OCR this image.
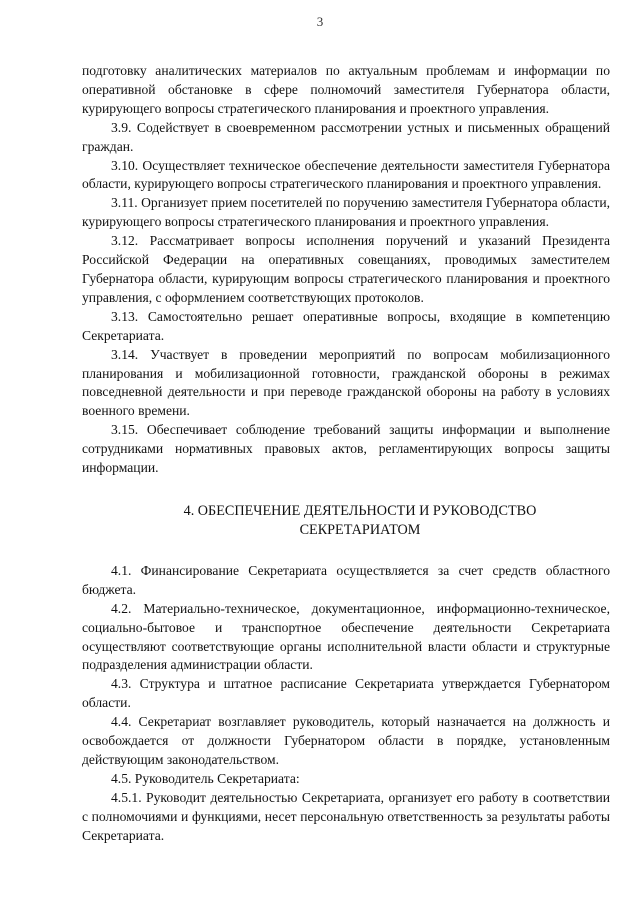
3

подготовку аналитических материалов по актуальным проблемам и информации по оперативной обстановке в сфере полномочий заместителя Губернатора области, курирующего вопросы стратегического планирования и проектного управления.

3.9. Содействует в своевременном рассмотрении устных и письменных обращений граждан.

3.10. Осуществляет техническое обеспечение деятельности заместителя Губернатора области, курирующего вопросы стратегического планирования и проектного управления.

3.11. Организует прием посетителей по поручению заместителя Губернатора области, курирующего вопросы стратегического планирования и проектного управления.

3.12. Рассматривает вопросы исполнения поручений и указаний Президента Российской Федерации на оперативных совещаниях, проводимых заместителем Губернатора области, курирующим вопросы стратегического планирования и проектного управления, с оформлением соответствующих протоколов.

3.13. Самостоятельно решает оперативные вопросы, входящие в компетенцию Секретариата.

3.14. Участвует в проведении мероприятий по вопросам мобилизационного планирования и мобилизационной готовности, гражданской обороны в режимах повседневной деятельности и при переводе гражданской обороны на работу в условиях военного времени.

3.15. Обеспечивает соблюдение требований защиты информации и выполнение сотрудниками нормативных правовых актов, регламентирующих вопросы защиты информации.

4. ОБЕСПЕЧЕНИЕ ДЕЯТЕЛЬНОСТИ И РУКОВОДСТВО
СЕКРЕТАРИАТОМ

4.1. Финансирование Секретариата осуществляется за счет средств областного бюджета.

4.2. Материально-техническое, документационное, информационно-техническое, социально-бытовое и транспортное обеспечение деятельности Секретариата осуществляют соответствующие органы исполнительной власти области и структурные подразделения администрации области.

4.3. Структура и штатное расписание Секретариата утверждается Губернатором области.

4.4. Секретариат возглавляет руководитель, который назначается на должность и освобождается от должности Губернатором области в порядке, установленным действующим законодательством.

4.5. Руководитель Секретариата:

4.5.1. Руководит деятельностью Секретариата, организует его работу в соответствии с полномочиями и функциями, несет персональную ответственность за результаты работы Секретариата.
